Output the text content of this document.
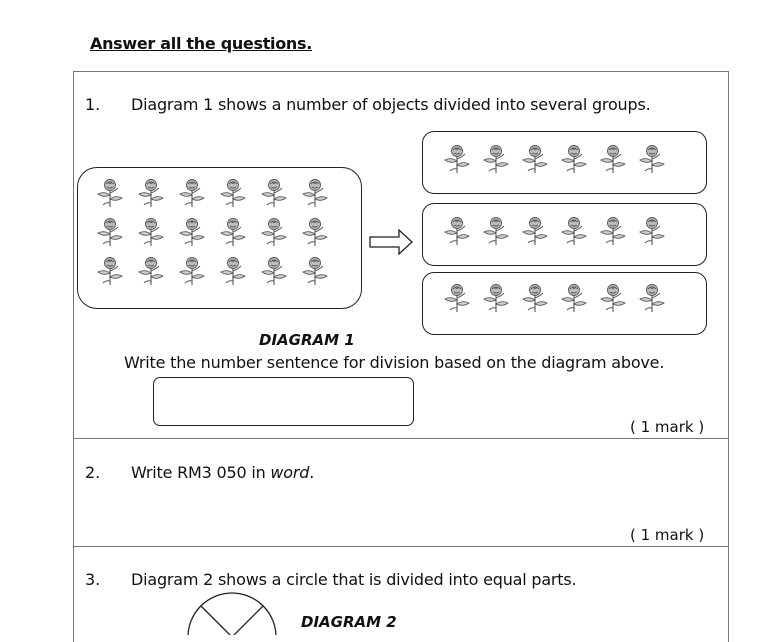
Answer all the questions.
1. Diagram 1 shows a number of objects divided into several groups.
DIAGRAM 1
Write the number sentence for division based on the diagram above.
( 1 mark )
2. Write RM3 050 in word.
( 1 mark )
3. Diagram 2 shows a circle that is divided into equal parts.
DIAGRAM 2
